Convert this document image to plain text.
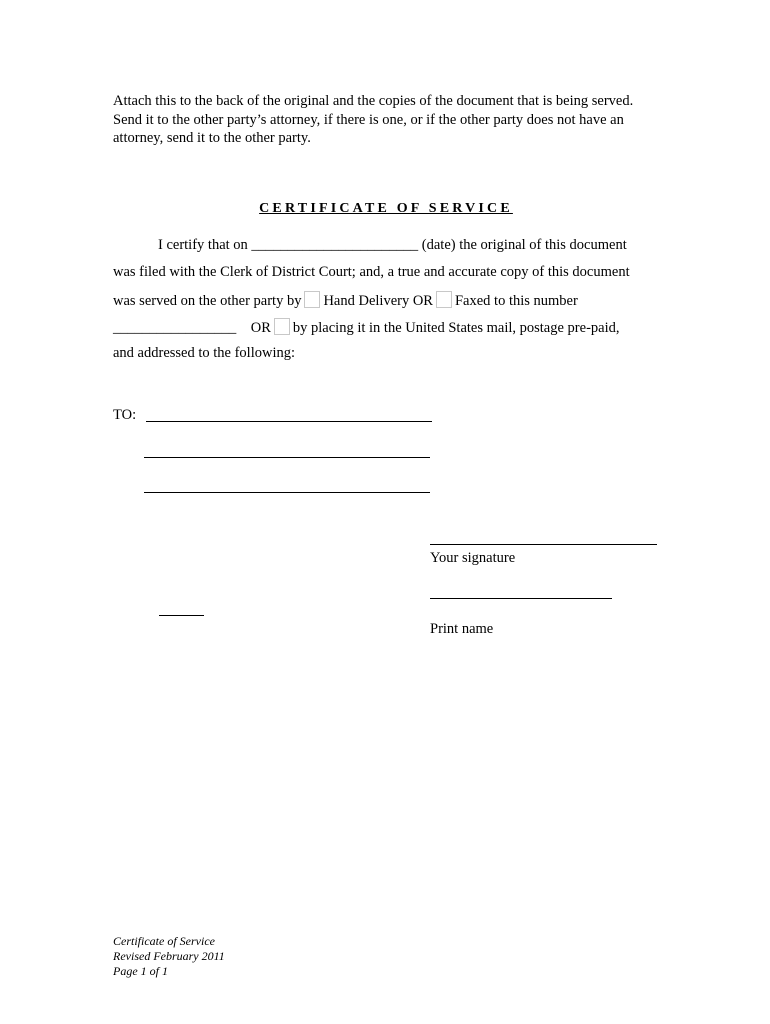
Attach this to the back of the original and the copies of the document that is being served.
Send it to the other party’s attorney, if there is one, or if the other party does not have an
attorney, send it to the other party.
CERTIFICATE OF SERVICE
I certify that on _______________________ (date) the original of this document
was filed with the Clerk of District Court; and, a true and accurate copy of this document
was served on the other party by Hand Delivery OR Faxed to this number
_________________ OR by placing it in the United States mail, postage pre-paid,
and addressed to the following:
TO:
Your signature
Print name
Certificate of Service
Revised February 2011
Page 1 of 1
